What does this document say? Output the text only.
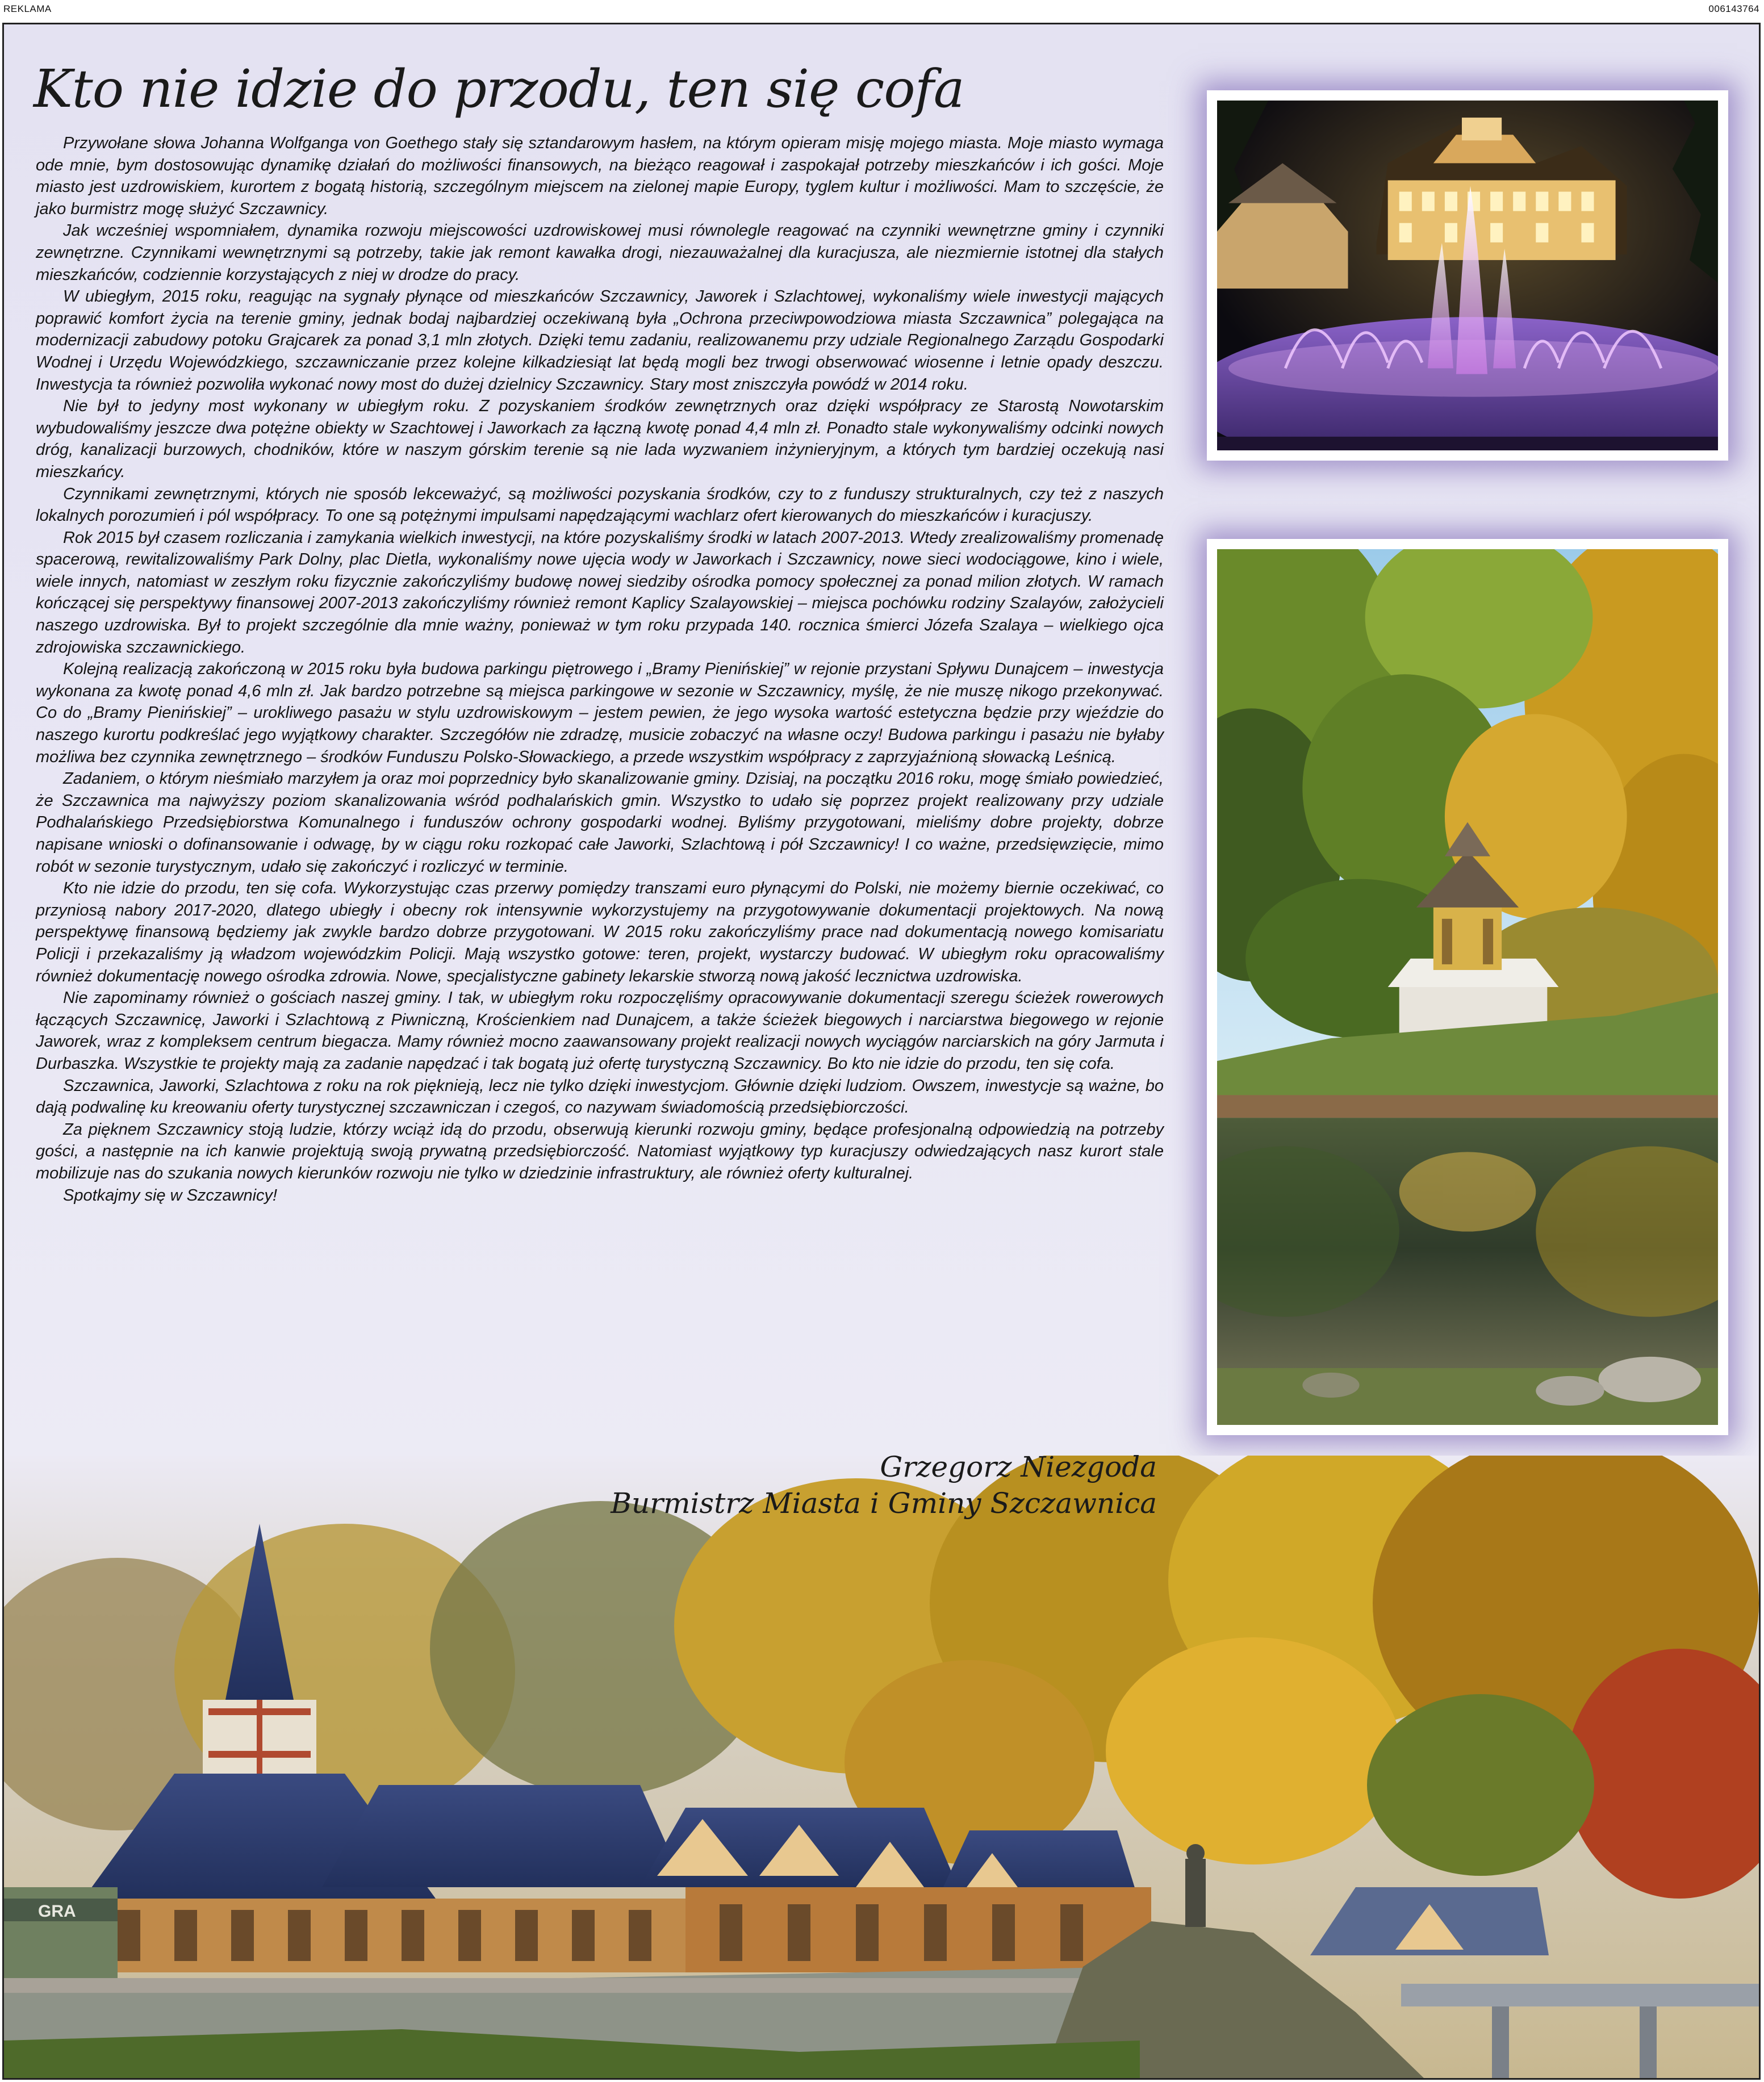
REKLAMA	006143764
Kto nie idzie do przodu, ten się cofa

Przywołane słowa Johanna Wolfganga von Goethego stały się sztandarowym hasłem, na którym opieram misję mojego miasta. Moje miasto wymaga ode mnie, bym dostosowując dynamikę działań do możliwości finansowych, na bieżąco reagował i zaspokajał potrzeby mieszkańców i ich gości. Moje miasto jest uzdrowiskiem, kurortem z bogatą historią, szczególnym miejscem na zielonej mapie Europy, tyglem kultur i możliwości. Mam to szczęście, że jako burmistrz mogę służyć Szczawnicy.

Jak wcześniej wspomniałem, dynamika rozwoju miejscowości uzdrowiskowej musi równolegle reagować na czynniki wewnętrzne gminy i czynniki zewnętrzne. Czynnikami wewnętrznymi są potrzeby, takie jak remont kawałka drogi, niezauważalnej dla kuracjusza, ale niezmiernie istotnej dla stałych mieszkańców, codziennie korzystających z niej w drodze do pracy.

W ubiegłym, 2015 roku, reagując na sygnały płynące od mieszkańców Szczawnicy, Jaworek i Szlachtowej, wykonaliśmy wiele inwestycji mających poprawić komfort życia na terenie gminy, jednak bodaj najbardziej oczekiwaną była „Ochrona przeciwpowodziowa miasta Szczawnica” polegająca na modernizacji zabudowy potoku Grajcarek za ponad 3,1 mln złotych. Dzięki temu zadaniu, realizowanemu przy udziale Regionalnego Zarządu Gospodarki Wodnej i Urzędu Wojewódzkiego, szczawniczanie przez kolejne kilkadziesiąt lat będą mogli bez trwogi obserwować wiosenne i letnie opady deszczu. Inwestycja ta również pozwoliła wykonać nowy most do dużej dzielnicy Szczawnicy. Stary most zniszczyła powódź w 2014 roku.

Nie był to jedyny most wykonany w ubiegłym roku. Z pozyskaniem środków zewnętrznych oraz dzięki współpracy ze Starostą Nowotarskim wybudowaliśmy jeszcze dwa potężne obiekty w Szachtowej i Jaworkach za łączną kwotę ponad 4,4 mln zł. Ponadto stale wykonywaliśmy odcinki nowych dróg, kanalizacji burzowych, chodników, które w naszym górskim terenie są nie lada wyzwaniem inżynieryjnym, a których tym bardziej oczekują nasi mieszkańcy.

Czynnikami zewnętrznymi, których nie sposób lekceważyć, są możliwości pozyskania środków, czy to z funduszy strukturalnych, czy też z naszych lokalnych porozumień i pól współpracy. To one są potężnymi impulsami napędzającymi wachlarz ofert kierowanych do mieszkańców i kuracjuszy.

Rok 2015 był czasem rozliczania i zamykania wielkich inwestycji, na które pozyskaliśmy środki w latach 2007-2013. Wtedy zrealizowaliśmy promenadę spacerową, rewitalizowaliśmy Park Dolny, plac Dietla, wykonaliśmy nowe ujęcia wody w Jaworkach i Szczawnicy, nowe sieci wodociągowe, kino i wiele, wiele innych, natomiast w zeszłym roku fizycznie zakończyliśmy budowę nowej siedziby ośrodka pomocy społecznej za ponad milion złotych. W ramach kończącej się perspektywy finansowej 2007-2013 zakończyliśmy również remont Kaplicy Szalayowskiej – miejsca pochówku rodziny Szalayów, założycieli naszego uzdrowiska. Był to projekt szczególnie dla mnie ważny, ponieważ w tym roku przypada 140. rocznica śmierci Józefa Szalaya – wielkiego ojca zdrojowiska szczawnickiego.

Kolejną realizacją zakończoną w 2015 roku była budowa parkingu piętrowego i „Bramy Pienińskiej” w rejonie przystani Spływu Dunajcem – inwestycja wykonana za kwotę ponad 4,6 mln zł. Jak bardzo potrzebne są miejsca parkingowe w sezonie w Szczawnicy, myślę, że nie muszę nikogo przekonywać. Co do „Bramy Pienińskiej” – urokliwego pasażu w stylu uzdrowiskowym – jestem pewien, że jego wysoka wartość estetyczna będzie przy wjeździe do naszego kurortu podkreślać jego wyjątkowy charakter. Szczegółów nie zdradzę, musicie zobaczyć na własne oczy! Budowa parkingu i pasażu nie byłaby możliwa bez czynnika zewnętrznego – środków Funduszu Polsko-Słowackiego, a przede wszystkim współpracy z zaprzyjaźnioną słowacką Leśnicą.

Zadaniem, o którym nieśmiało marzyłem ja oraz moi poprzednicy było skanalizowanie gminy. Dzisiaj, na początku 2016 roku, mogę śmiało powiedzieć, że Szczawnica ma najwyższy poziom skanalizowania wśród podhalańskich gmin. Wszystko to udało się poprzez projekt realizowany przy udziale Podhalańskiego Przedsiębiorstwa Komunalnego i funduszów ochrony gospodarki wodnej. Byliśmy przygotowani, mieliśmy dobre projekty, dobrze napisane wnioski o dofinansowanie i odwagę, by w ciągu roku rozkopać całe Jaworki, Szlachtową i pół Szczawnicy! I co ważne, przedsięwzięcie, mimo robót w sezonie turystycznym, udało się zakończyć i rozliczyć w terminie.

Kto nie idzie do przodu, ten się cofa. Wykorzystując czas przerwy pomiędzy transzami euro płynącymi do Polski, nie możemy biernie oczekiwać, co przyniosą nabory 2017-2020, dlatego ubiegły i obecny rok intensywnie wykorzystujemy na przygotowywanie dokumentacji projektowych. Na nową perspektywę finansową będziemy jak zwykle bardzo dobrze przygotowani. W 2015 roku zakończyliśmy prace nad dokumentacją nowego komisariatu Policji i przekazaliśmy ją władzom wojewódzkim Policji. Mają wszystko gotowe: teren, projekt, wystarczy budować. W ubiegłym roku opracowaliśmy również dokumentację nowego ośrodka zdrowia. Nowe, specjalistyczne gabinety lekarskie stworzą nową jakość lecznictwa uzdrowiska.

Nie zapominamy również o gościach naszej gminy. I tak, w ubiegłym roku rozpoczęliśmy opracowywanie dokumentacji szeregu ścieżek rowerowych łączących Szczawnicę, Jaworki i Szlachtową z Piwniczną, Krościenkiem nad Dunajcem, a także ścieżek biegowych i narciarstwa biegowego w rejonie Jaworek, wraz z kompleksem centrum biegacza. Mamy również mocno zaawansowany projekt realizacji nowych wyciągów narciarskich na góry Jarmuta i Durbaszka. Wszystkie te projekty mają za zadanie napędzać i tak bogatą już ofertę turystyczną Szczawnicy. Bo kto nie idzie do przodu, ten się cofa.

Szczawnica, Jaworki, Szlachtowa z roku na rok pięknieją, lecz nie tylko dzięki inwestycjom. Głównie dzięki ludziom. Owszem, inwestycje są ważne, bo dają podwalinę ku kreowaniu oferty turystycznej szczawniczan i czegoś, co nazywam świadomością przedsiębiorczości.

Za pięknem Szczawnicy stoją ludzie, którzy wciąż idą do przodu, obserwują kierunki rozwoju gminy, będące profesjonalną odpowiedzią na potrzeby gości, a następnie na ich kanwie projektują swoją prywatną przedsiębiorczość. Natomiast wyjątkowy typ kuracjuszy odwiedzających nasz kurort stale mobilizuje nas do szukania nowych kierunków rozwoju nie tylko w dziedzinie infrastruktury, ale również oferty kulturalnej.

Spotkajmy się w Szczawnicy!

GRA
Grzegorz Niezgoda
Burmistrz Miasta i Gminy Szczawnica
